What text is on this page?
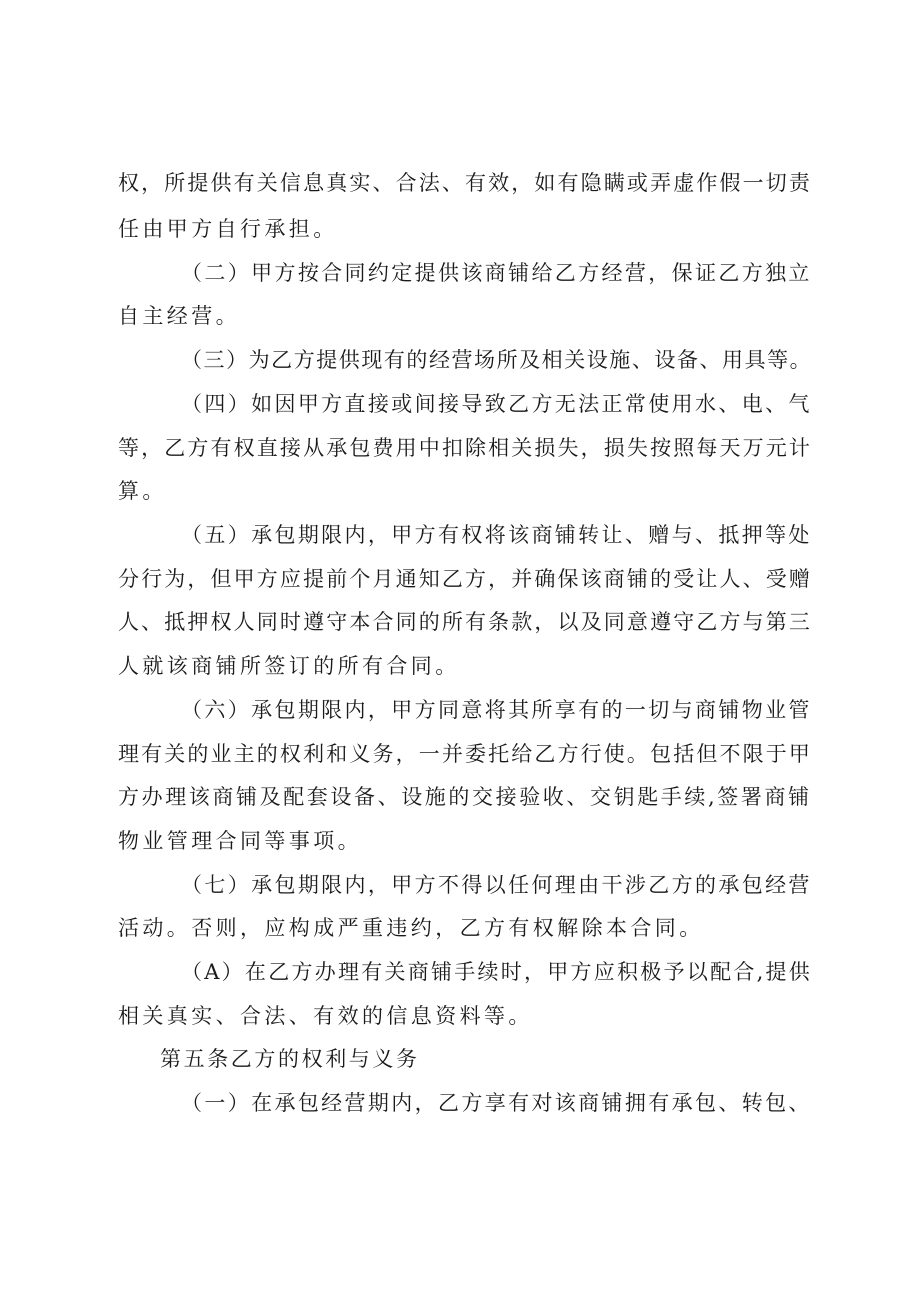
权，所提供有关信息真实、合法、有效，如有隐瞒或弄虚作假一切责
任由甲方自行承担。
（二）甲方按合同约定提供该商铺给乙方经营，保证乙方独立
自主经营。
（三）为乙方提供现有的经营场所及相关设施、设备、用具等。
（四）如因甲方直接或间接导致乙方无法正常使用水、电、气
等，乙方有权直接从承包费用中扣除相关损失，损失按照每天万元计
算。
（五）承包期限内，甲方有权将该商铺转让、赠与、抵押等处
分行为，但甲方应提前个月通知乙方，并确保该商铺的受让人、受赠
人、抵押权人同时遵守本合同的所有条款，以及同意遵守乙方与第三
人就该商铺所签订的所有合同。
（六）承包期限内，甲方同意将其所享有的一切与商铺物业管
理有关的业主的权利和义务，一并委托给乙方行使。包括但不限于甲
方办理该商铺及配套设备、设施的交接验收、交钥匙手续,签署商铺
物业管理合同等事项。
（七）承包期限内，甲方不得以任何理由干涉乙方的承包经营
活动。否则，应构成严重违约，乙方有权解除本合同。
（A）在乙方办理有关商铺手续时，甲方应积极予以配合,提供
相关真实、合法、有效的信息资料等。
第五条乙方的权利与义务
（一）在承包经营期内，乙方享有对该商铺拥有承包、转包、
